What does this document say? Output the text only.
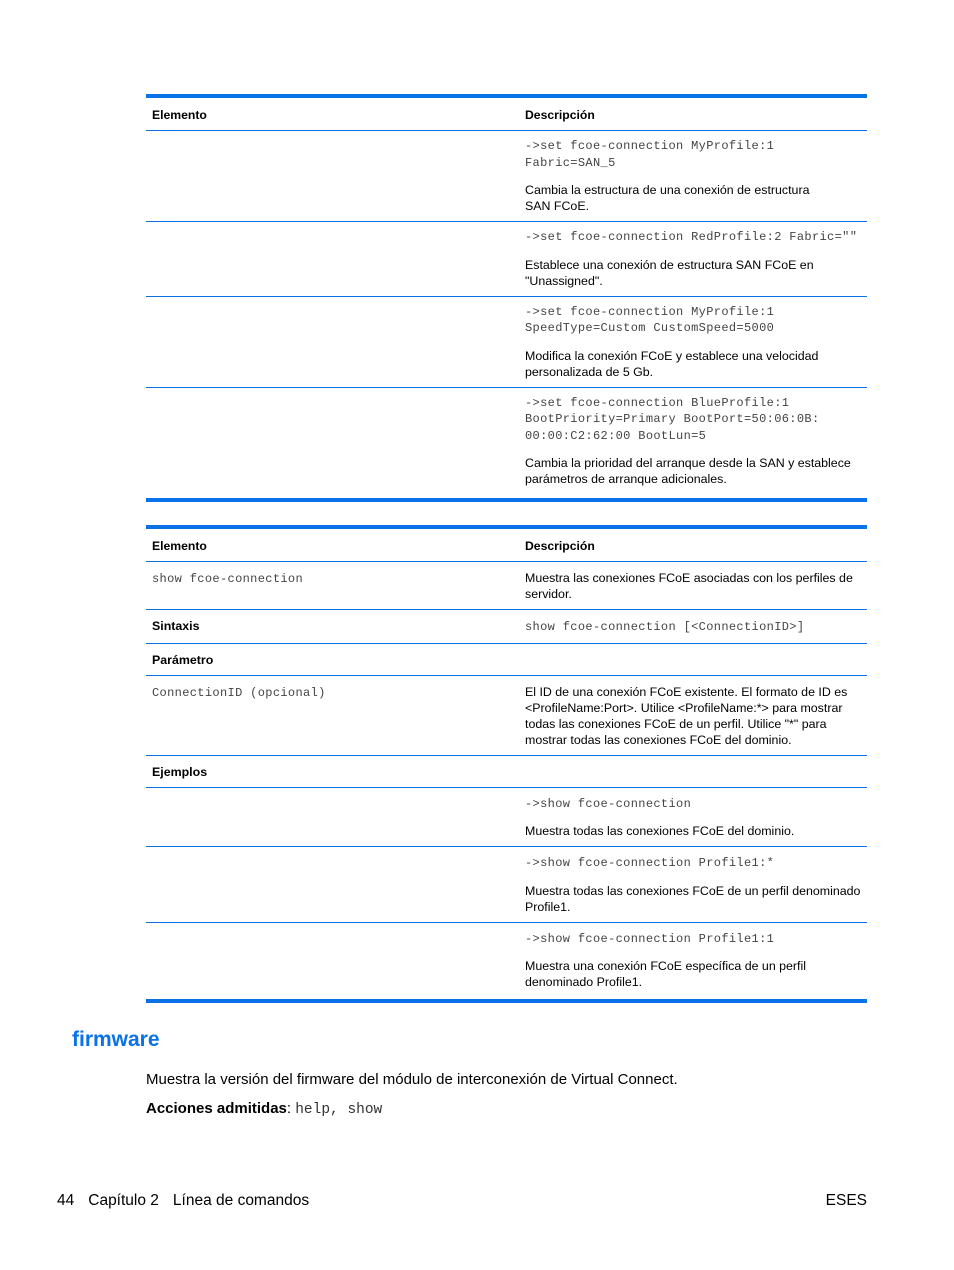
Elemento	Descripción

	->set fcoe-connection MyProfile:1
Fabric=SAN_5
Cambia la estructura de una conexión de estructura
SAN FCoE.

	->set fcoe-connection RedProfile:2 Fabric=""
Establece una conexión de estructura SAN FCoE en
"Unassigned".

	->set fcoe-connection MyProfile:1
SpeedType=Custom CustomSpeed=5000
Modifica la conexión FCoE y establece una velocidad
personalizada de 5 Gb.

	->set fcoe-connection BlueProfile:1
BootPriority=Primary BootPort=50:06:0B:
00:00:C2:62:00 BootLun=5
Cambia la prioridad del arranque desde la SAN y establece
parámetros de arranque adicionales.
Elemento	Descripción
show fcoe-connection	Muestra las conexiones FCoE asociadas con los perfiles de
servidor.
Sintaxis	show fcoe-connection [<ConnectionID>]
Parámetro	
ConnectionID (opcional)	El ID de una conexión FCoE existente. El formato de ID es
<ProfileName:Port>. Utilice <ProfileName:*> para mostrar
todas las conexiones FCoE de un perfil. Utilice "*" para
mostrar todas las conexiones FCoE del dominio.
Ejemplos	

	->show fcoe-connection
Muestra todas las conexiones FCoE del dominio.

	->show fcoe-connection Profile1:*
Muestra todas las conexiones FCoE de un perfil denominado
Profile1.

	->show fcoe-connection Profile1:1
Muestra una conexión FCoE específica de un perfil
denominado Profile1.
firmware
Muestra la versión del firmware del módulo de interconexión de Virtual Connect.
Acciones admitidas: help, show
44 Capítulo 2 Línea de comandos	ESES
